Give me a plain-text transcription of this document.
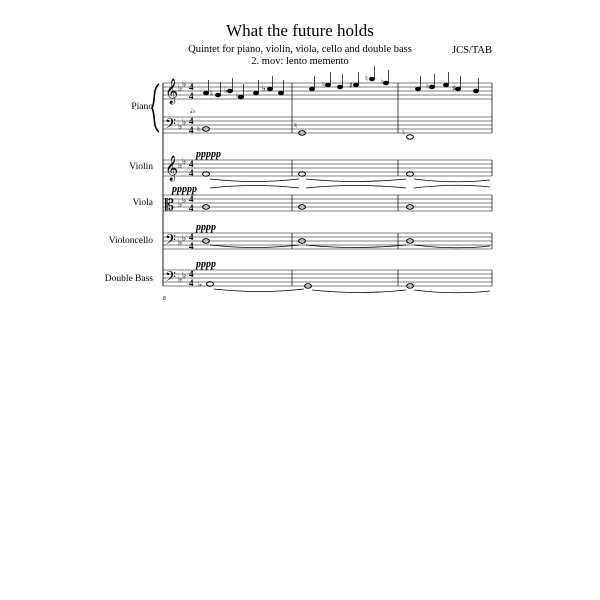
What the future holds
Quintet for piano, violin, viola, cello and double bass
2. mov: lento memento
JCS/TAB
Piano
Violin
Viola
Violoncello
Double Bass
𝄞
𝄢
𝄞
𝄡
𝄢
𝄢
♭ ♭
♭ ♭
♭ ♭
♭ ♭
♭ ♭
♭ ♭
4
4
4
4
4
4
4
4
4
4
4
4
ppppp
ppppp
pppp
pppp
♮ ♭
♮
♭	♮	♯
♮ ♮	♮	♯
𝅗𝅥♭
♮	♮
♮
♭
8
